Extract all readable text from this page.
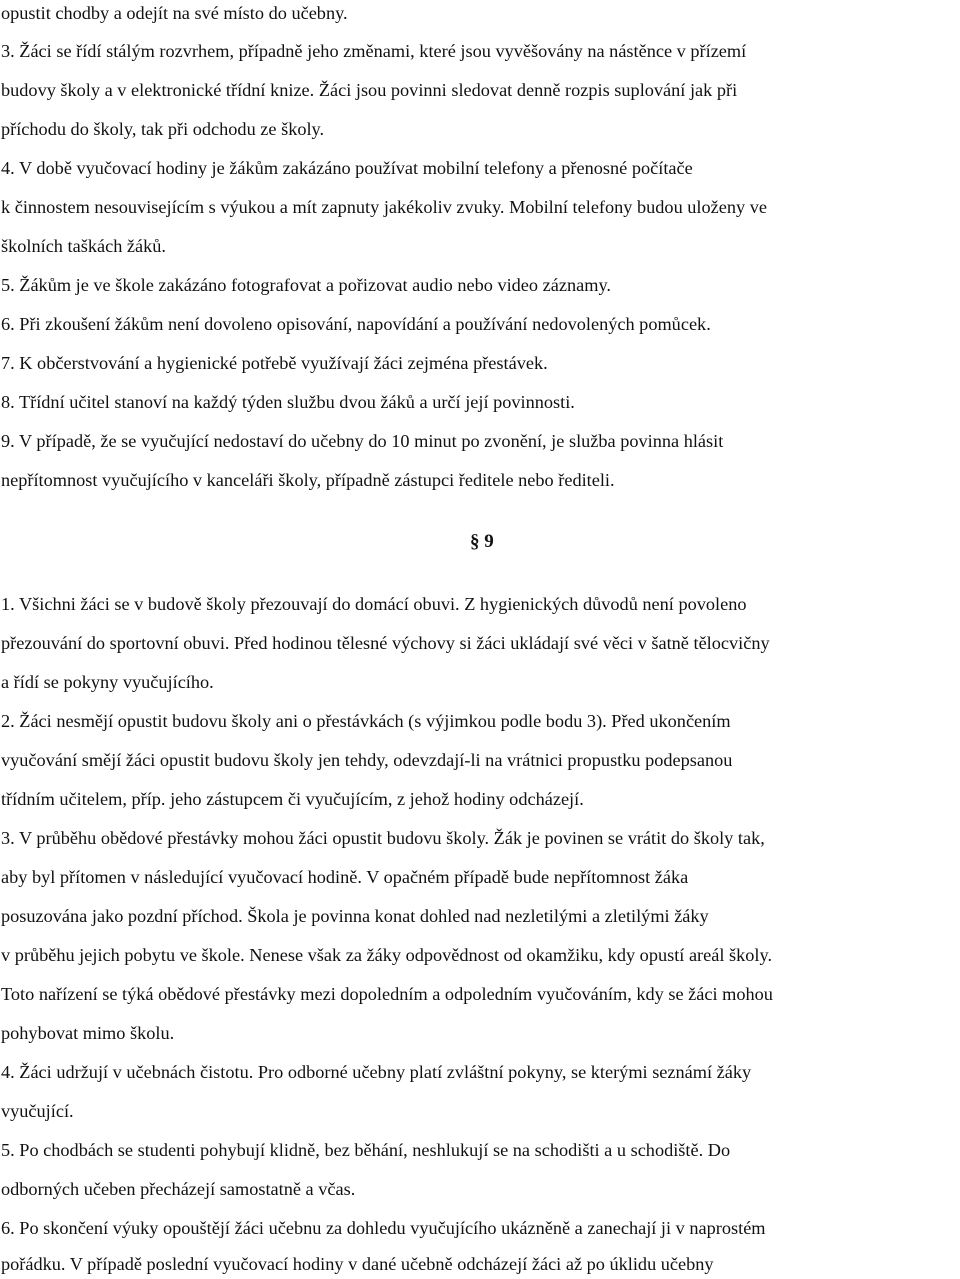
opustit chodby a odejít na své místo do učebny.
3. Žáci se řídí stálým rozvrhem, případně jeho změnami, které jsou vyvěšovány na nástěnce v přízemí
budovy školy a v elektronické třídní knize. Žáci jsou povinni sledovat denně rozpis suplování jak při
příchodu do školy, tak při odchodu ze školy.
4. V době vyučovací hodiny je žákům zakázáno používat mobilní telefony a přenosné počítače
k činnostem nesouvisejícím s výukou a mít zapnuty jakékoliv zvuky. Mobilní telefony budou uloženy ve
školních taškách žáků.
5. Žákům je ve škole zakázáno fotografovat a pořizovat audio nebo video záznamy.
6. Při zkoušení žákům není dovoleno opisování, napovídání a používání nedovolených pomůcek.
7. K občerstvování a hygienické potřebě využívají žáci zejména přestávek.
8. Třídní učitel stanoví na každý týden službu dvou žáků a určí její povinnosti.
9. V případě, že se vyučující nedostaví do učebny do 10 minut po zvonění, je služba povinna hlásit
nepřítomnost vyučujícího v kanceláři školy, případně zástupci ředitele nebo řediteli.
§ 9
1. Všichni žáci se v budově školy přezouvají do domácí obuvi. Z hygienických důvodů není povoleno
přezouvání do sportovní obuvi. Před hodinou tělesné výchovy si žáci ukládají své věci v šatně tělocvičny
a řídí se pokyny vyučujícího.
2. Žáci nesmějí opustit budovu školy ani o přestávkách (s výjimkou podle bodu 3). Před ukončením
vyučování smějí žáci opustit budovu školy jen tehdy, odevzdají-li na vrátnici propustku podepsanou
třídním učitelem, příp. jeho zástupcem či vyučujícím, z jehož hodiny odcházejí.
3. V průběhu obědové přestávky mohou žáci opustit budovu školy. Žák je povinen se vrátit do školy tak,
aby byl přítomen v následující vyučovací hodině. V opačném případě bude nepřítomnost žáka
posuzována jako pozdní příchod. Škola je povinna konat dohled nad nezletilými a zletilými žáky
v průběhu jejich pobytu ve škole. Nenese však za žáky odpovědnost od okamžiku, kdy opustí areál školy.
Toto nařízení se týká obědové přestávky mezi dopoledním a odpoledním vyučováním, kdy se žáci mohou
pohybovat mimo školu.
4. Žáci udržují v učebnách čistotu. Pro odborné učebny platí zvláštní pokyny, se kterými seznámí žáky
vyučující.
5. Po chodbách se studenti pohybují klidně, bez běhání, neshlukují se na schodišti a u schodiště. Do
odborných učeben přecházejí samostatně a včas.
6. Po skončení výuky opouštějí žáci učebnu za dohledu vyučujícího ukázněně a zanechají ji v naprostém
pořádku. V případě poslední vyučovací hodiny v dané učebně odcházejí žáci až po úklidu učebny
